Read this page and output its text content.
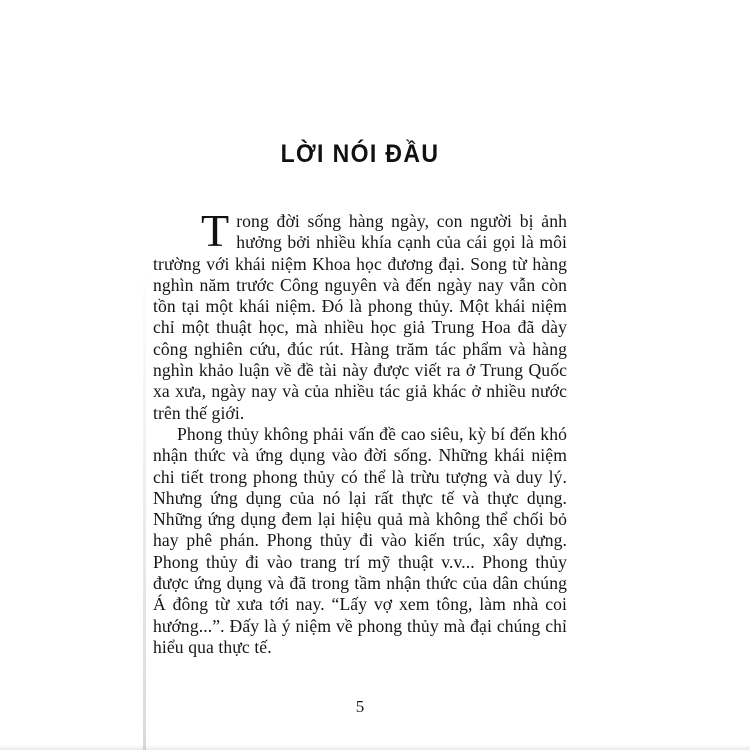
LỜI NÓI ĐẦU

Trong đời sống hàng ngày, con người bị ảnh hưởng bởi nhiều khía cạnh của cái gọi là môi trường với khái niệm Khoa học đương đại. Song từ hàng nghìn năm trước Công nguyên và đến ngày nay vẫn còn tồn tại một khái niệm. Đó là phong thủy. Một khái niệm chỉ một thuật học, mà nhiều học giả Trung Hoa đã dày công nghiên cứu, đúc rút. Hàng trăm tác phẩm và hàng nghìn khảo luận về đề tài này được viết ra ở Trung Quốc xa xưa, ngày nay và của nhiều tác giả khác ở nhiều nước trên thế giới.

Phong thủy không phải vấn đề cao siêu, kỳ bí đến khó nhận thức và ứng dụng vào đời sống. Những khái niệm chi tiết trong phong thủy có thể là trừu tượng và duy lý. Nhưng ứng dụng của nó lại rất thực tế và thực dụng. Những ứng dụng đem lại hiệu quả mà không thể chối bỏ hay phê phán. Phong thủy đi vào kiến trúc, xây dựng. Phong thủy đi vào trang trí mỹ thuật v.v... Phong thủy được ứng dụng và đã trong tầm nhận thức của dân chúng Á đông từ xưa tới nay. “Lấy vợ xem tông, làm nhà coi hướng...”. Đấy là ý niệm về phong thủy mà đại chúng chỉ hiểu qua thực tế.

5
